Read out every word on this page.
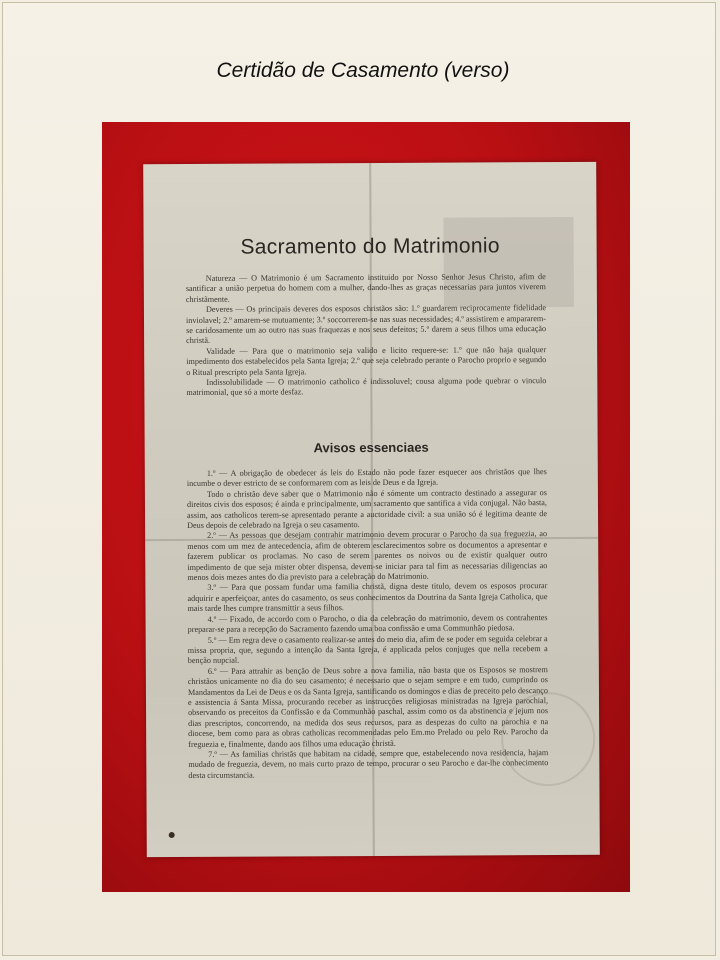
Certidão de Casamento (verso)
Sacramento do Matrimonio

Natureza — O Matrimonio é um Sacramento instituido por Nosso Senhor Jesus Christo, afim de santificar a união perpetua do homem com a mulher, dando-lhes as graças necessarias para juntos viverem christãmente.

Deveres — Os principais deveres dos esposos christãos são: 1.º guardarem reciprocamente fidelidade inviolavel; 2.º amarem-se mutuamente; 3.º soccorrerem-se nas suas necessidades; 4.º assistirem e ampararem-se caridosamente um ao outro nas suas fraquezas e nos seus defeitos; 5.º darem a seus filhos uma educação christã.

Validade — Para que o matrimonio seja valido e licito requere-se: 1.º que não haja qualquer impedimento dos estabelecidos pela Santa Igreja; 2.º que seja celebrado perante o Parocho proprio e segundo o Ritual prescripto pela Santa Igreja.

Indissolubilidade — O matrimonio catholico é indissoluvel; cousa alguma pode quebrar o vinculo matrimonial, que só a morte desfaz.

Avisos essenciaes

1.º — A obrigação de obedecer ás leis do Estado não pode fazer esquecer aos christãos que lhes incumbe o dever estricto de se conformarem com as leis de Deus e da Igreja.

Todo o christão deve saber que o Matrimonio não é sómente um contracto destinado a assegurar os direitos civis dos esposos; é ainda e principalmente, um sacramento que santifica a vida conjugal. Não basta, assim, aos catholicos terem-se apresentado perante a auctoridade civil: a sua união só é legitima deante de Deus depois de celebrado na Igreja o seu casamento.

2.º — As pessoas que desejam contrahir matrimonio devem procurar o Parocho da sua freguezia, ao menos com um mez de antecedencia, afim de obterem esclarecimentos sobre os documentos a apresentar e fazerem publicar os proclamas. No caso de serem parentes os noivos ou de existir qualquer outro impedimento de que seja mister obter dispensa, devem-se iniciar para tal fim as necessarias diligencias ao menos dois mezes antes do dia previsto para a celebração do Matrimonio.

3.º — Para que possam fundar uma familia christã, digna deste titulo, devem os esposos procurar adquirir e aperfeiçoar, antes do casamento, os seus conhecimentos da Doutrina da Santa Igreja Catholica, que mais tarde lhes cumpre transmittir a seus filhos.

4.º — Fixado, de accordo com o Parocho, o dia da celebração do matrimonio, devem os contrahentes preparar-se para a recepção do Sacramento fazendo uma boa confissão e uma Communhão piedosa.

5.º — Em regra deve o casamento realizar-se antes do meio dia, afim de se poder em seguida celebrar a missa propria, que, segundo a intenção da Santa Igreja, é applicada pelos conjuges que nella recebem a benção nupcial.

6.º — Para attrahir as benção de Deus sobre a nova familia, não basta que os Esposos se mostrem christãos unicamente no dia do seu casamento; é necessario que o sejam sempre e em tudo, cumprindo os Mandamentos da Lei de Deus e os da Santa Igreja, santificando os domingos e dias de preceito pelo descanço e assistencia á Santa Missa, procurando receber as instrucções religiosas ministradas na Igreja parochial, observando os preceitos da Confissão e da Communhão paschal, assim como os da abstinencia e jejum nos dias prescriptos, concorrendo, na medida dos seus recursos, para as despezas do culto na parochia e na diocese, bem como para as obras catholicas recommendadas pelo Em.mo Prelado ou pelo Rev. Parocho da freguezia e, finalmente, dando aos filhos uma educação christã.

7.º — As familias christãs que habitam na cidade, sempre que, estabelecendo nova residencia, hajam mudado de freguezia, devem, no mais curto prazo de tempo, procurar o seu Parocho e dar-lhe conhecimento desta circumstancia.
